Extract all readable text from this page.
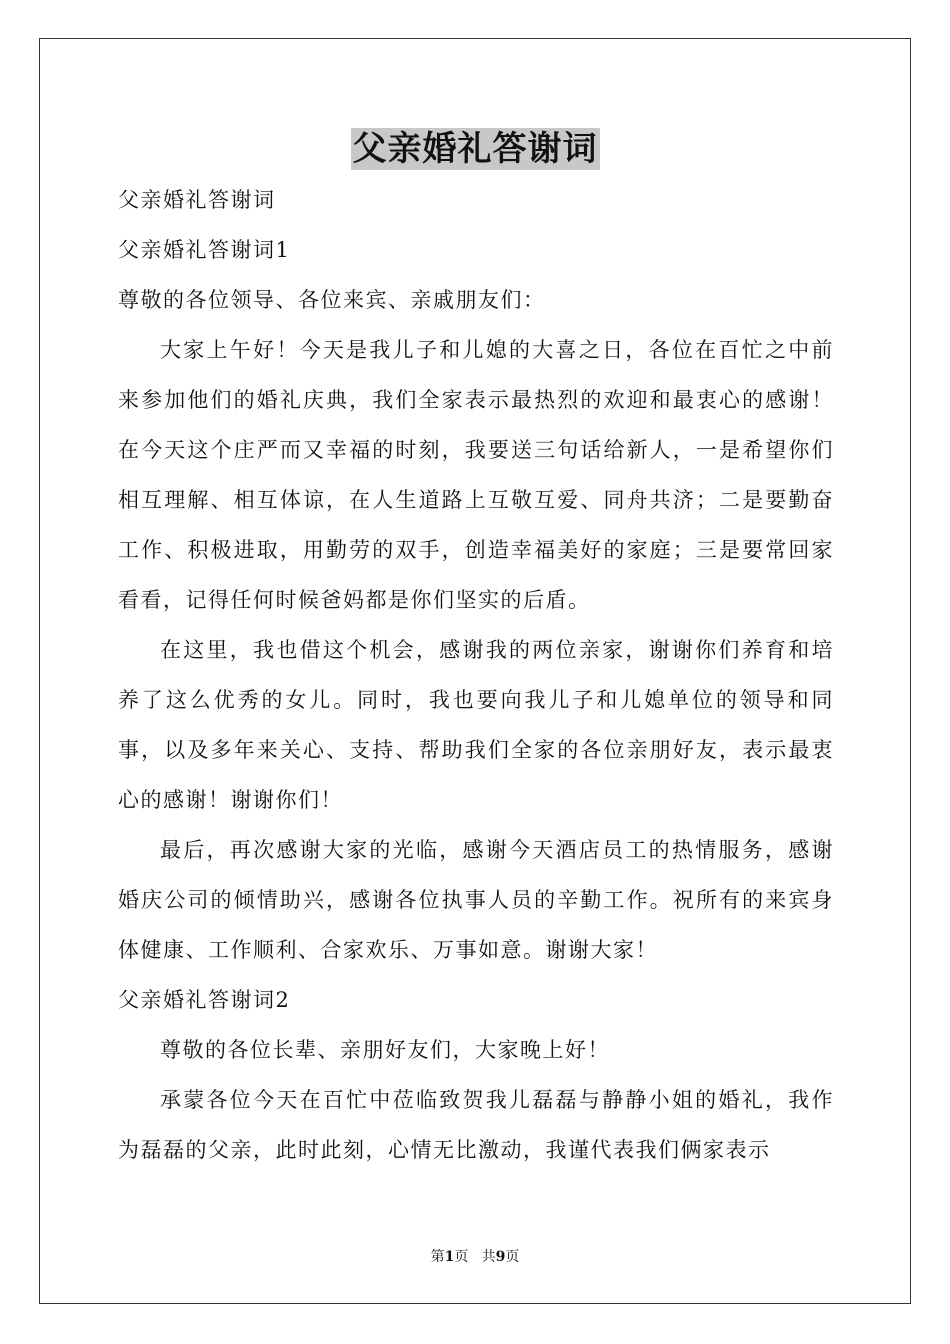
父亲婚礼答谢词
父亲婚礼答谢词
父亲婚礼答谢词1
尊敬的各位领导、各位来宾、亲戚朋友们：

大家上午好！今天是我儿子和儿媳的大喜之日，各位在百忙之中前来参加他们的婚礼庆典，我们全家表示最热烈的欢迎和最衷心的感谢！在今天这个庄严而又幸福的时刻，我要送三句话给新人，一是希望你们相互理解、相互体谅，在人生道路上互敬互爱、同舟共济；二是要勤奋工作、积极进取，用勤劳的双手，创造幸福美好的家庭；三是要常回家看看，记得任何时候爸妈都是你们坚实的后盾。

在这里，我也借这个机会，感谢我的两位亲家，谢谢你们养育和培养了这么优秀的女儿。同时，我也要向我儿子和儿媳单位的领导和同事，以及多年来关心、支持、帮助我们全家的各位亲朋好友，表示最衷心的感谢！谢谢你们！

最后，再次感谢大家的光临，感谢今天酒店员工的热情服务，感谢婚庆公司的倾情助兴，感谢各位执事人员的辛勤工作。祝所有的来宾身体健康、工作顺利、合家欢乐、万事如意。谢谢大家！

父亲婚礼答谢词2

尊敬的各位长辈、亲朋好友们，大家晚上好！

承蒙各位今天在百忙中莅临致贺我儿磊磊与静静小姐的婚礼，我作为磊磊的父亲，此时此刻，心情无比激动，我谨代表我们俩家表示

第1页 共9页
